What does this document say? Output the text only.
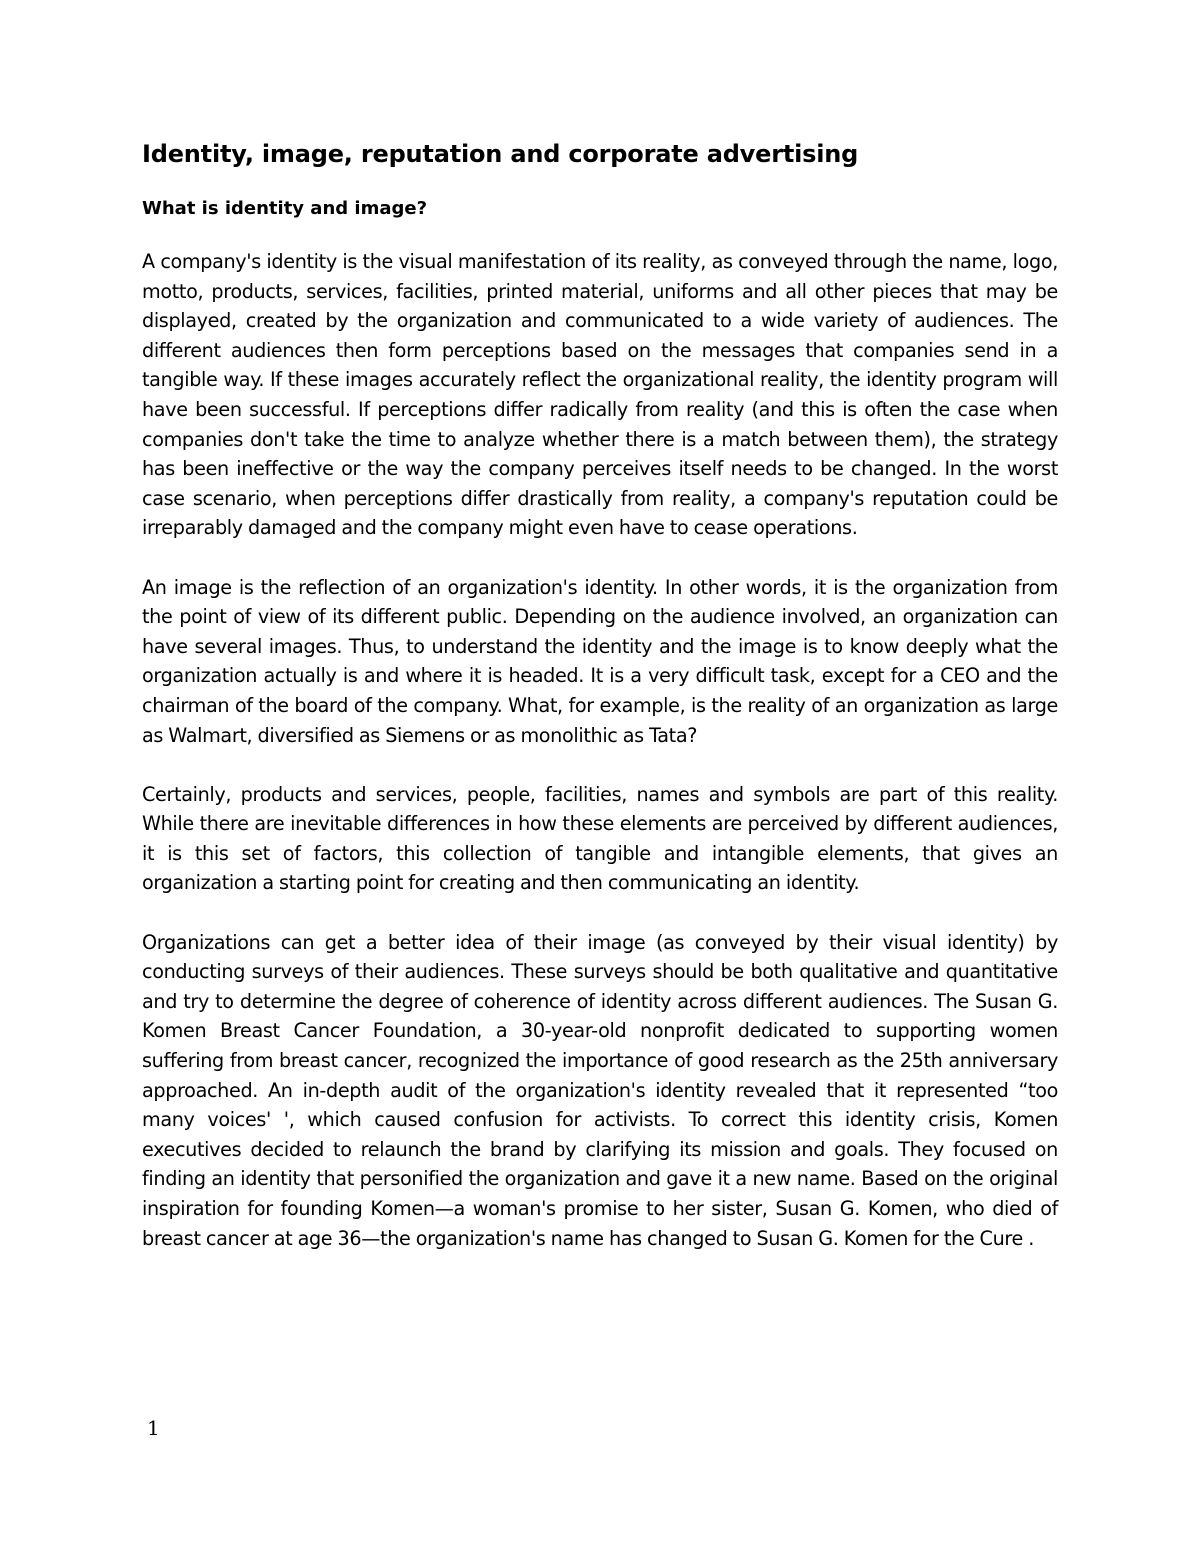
Identity, image, reputation and corporate advertising
What is identity and image?

A company's identity is the visual manifestation of its reality, as conveyed through the name, logo, motto, products, services, facilities, printed material, uniforms and all other pieces that may be displayed, created by the organization and communicated to a wide variety of audiences. The different audiences then form perceptions based on the messages that companies send in a tangible way. If these images accurately reflect the organizational reality, the identity program will have been successful. If perceptions differ radically from reality (and this is often the case when companies don't take the time to analyze whether there is a match between them), the strategy has been ineffective or the way the company perceives itself needs to be changed. In the worst case scenario, when perceptions differ drastically from reality, a company's reputation could be irreparably damaged and the company might even have to cease operations.

An image is the reflection of an organization's identity. In other words, it is the organization from the point of view of its different public. Depending on the audience involved, an organization can have several images. Thus, to understand the identity and the image is to know deeply what the organization actually is and where it is headed. It is a very difficult task, except for a CEO and the chairman of the board of the company. What, for example, is the reality of an organization as large as Walmart, diversified as Siemens or as monolithic as Tata?

Certainly, products and services, people, facilities, names and symbols are part of this reality. While there are inevitable differences in how these elements are perceived by different audiences, it is this set of factors, this collection of tangible and intangible elements, that gives an organization a starting point for creating and then communicating an identity.

Organizations can get a better idea of their image (as conveyed by their visual identity) by conducting surveys of their audiences. These surveys should be both qualitative and quantitative and try to determine the degree of coherence of identity across different audiences. The Susan G. Komen Breast Cancer Foundation, a 30-year-old nonprofit dedicated to supporting women suffering from breast cancer, recognized the importance of good research as the 25th anniversary approached. An in-depth audit of the organization's identity revealed that it represented “too many voices' ', which caused confusion for activists. To correct this identity crisis, Komen executives decided to relaunch the brand by clarifying its mission and goals. They focused on finding an identity that personified the organization and gave it a new name. Based on the original inspiration for founding Komen—a woman's promise to her sister, Susan G. Komen, who died of breast cancer at age 36—the organization's name has changed to Susan G. Komen for the Cure .

1
